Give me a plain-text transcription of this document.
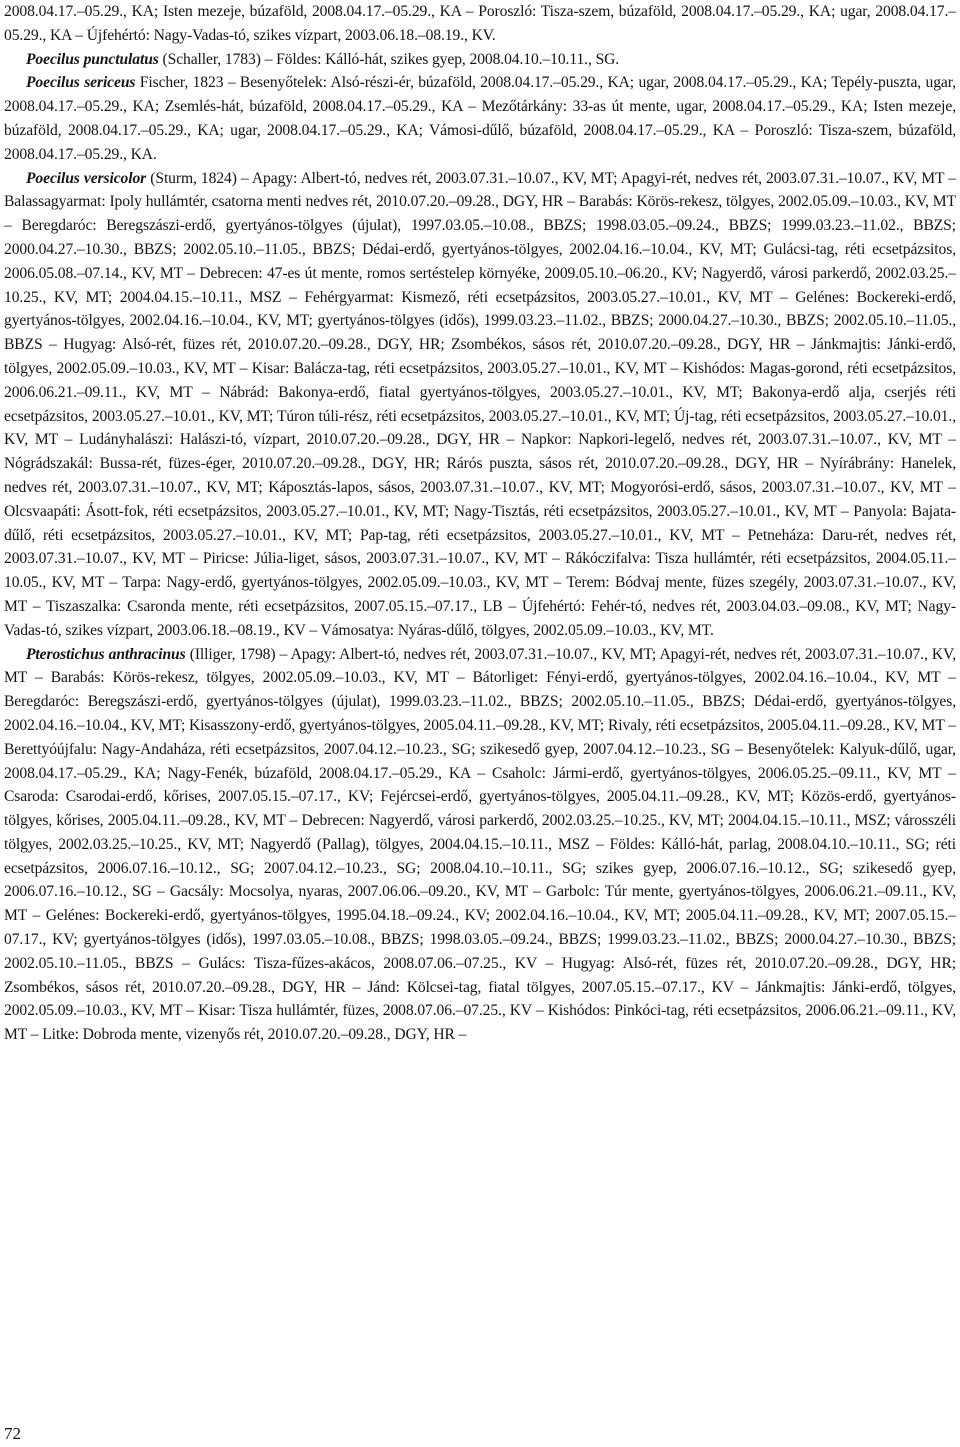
2008.04.17.–05.29., KA; Isten mezeje, búzaföld, 2008.04.17.–05.29., KA – Poroszló: Tisza-szem, búzaföld, 2008.04.17.–05.29., KA; ugar, 2008.04.17.–05.29., KA – Újfehértó: Nagy-Vadas-tó, szikes vízpart, 2003.06.18.–08.19., KV.

Poecilus punctulatus (Schaller, 1783) – Földes: Kálló-hát, szikes gyep, 2008.04.10.–10.11., SG.

Poecilus sericeus Fischer, 1823 – Besenyőtelek: Alsó-részi-ér, búzaföld, 2008.04.17.–05.29., KA; ugar, 2008.04.17.–05.29., KA; Tepély-puszta, ugar, 2008.04.17.–05.29., KA; Zsemlés-hát, búzaföld, 2008.04.17.–05.29., KA – Mezőtárkány: 33-as út mente, ugar, 2008.04.17.–05.29., KA; Isten mezeje, búzaföld, 2008.04.17.–05.29., KA; ugar, 2008.04.17.–05.29., KA; Vámosi-dűlő, búzaföld, 2008.04.17.–05.29., KA – Poroszló: Tisza-szem, búzaföld, 2008.04.17.–05.29., KA.

Poecilus versicolor (Sturm, 1824) – Apagy: Albert-tó, nedves rét, 2003.07.31.–10.07., KV, MT; Apagyi-rét, nedves rét, 2003.07.31.–10.07., KV, MT – Balassagyarmat: Ipoly hullámtér, csatorna menti nedves rét, 2010.07.20.–09.28., DGY, HR – Barabás: Körös-rekesz, tölgyes, 2002.05.09.–10.03., KV, MT – Beregdaróc: Beregszászi-erdő, gyertyános-tölgyes (újulat), 1997.03.05.–10.08., BBZS; 1998.03.05.–09.24., BBZS; 1999.03.23.–11.02., BBZS; 2000.04.27.–10.30., BBZS; 2002.05.10.–11.05., BBZS; Dédai-erdő, gyertyános-tölgyes, 2002.04.16.–10.04., KV, MT; Gulácsi-tag, réti ecsetpázsitos, 2006.05.08.–07.14., KV, MT – Debrecen: 47-es út mente, romos sertéstelep környéke, 2009.05.10.–06.20., KV; Nagyerdő, városi parkerdő, 2002.03.25.–10.25., KV, MT; 2004.04.15.–10.11., MSZ – Fehérgyarmat: Kismező, réti ecsetpázsitos, 2003.05.27.–10.01., KV, MT – Gelénes: Bockereki-erdő, gyertyános-tölgyes, 2002.04.16.–10.04., KV, MT; gyertyános-tölgyes (idős), 1999.03.23.–11.02., BBZS; 2000.04.27.–10.30., BBZS; 2002.05.10.–11.05., BBZS – Hugyag: Alsó-rét, füzes rét, 2010.07.20.–09.28., DGY, HR; Zsombékos, sásos rét, 2010.07.20.–09.28., DGY, HR – Jánkmajtis: Jánki-erdő, tölgyes, 2002.05.09.–10.03., KV, MT – Kisar: Balácza-tag, réti ecsetpázsitos, 2003.05.27.–10.01., KV, MT – Kishódos: Magas-gorond, réti ecsetpázsitos, 2006.06.21.–09.11., KV, MT – Nábrád: Bakonya-erdő, fiatal gyertyános-tölgyes, 2003.05.27.–10.01., KV, MT; Bakonya-erdő alja, cserjés réti ecsetpázsitos, 2003.05.27.–10.01., KV, MT; Túron túli-rész, réti ecsetpázsitos, 2003.05.27.–10.01., KV, MT; Új-tag, réti ecsetpázsitos, 2003.05.27.–10.01., KV, MT – Ludányhalászi: Halászi-tó, vízpart, 2010.07.20.–09.28., DGY, HR – Napkor: Napkori-legelő, nedves rét, 2003.07.31.–10.07., KV, MT – Nógrádszakál: Bussa-rét, füzes-éger, 2010.07.20.–09.28., DGY, HR; Rárós puszta, sásos rét, 2010.07.20.–09.28., DGY, HR – Nyírábrány: Hanelek, nedves rét, 2003.07.31.–10.07., KV, MT; Káposztás-lapos, sásos, 2003.07.31.–10.07., KV, MT; Mogyorósi-erdő, sásos, 2003.07.31.–10.07., KV, MT – Olcsvaapáti: Ásott-fok, réti ecsetpázsitos, 2003.05.27.–10.01., KV, MT; Nagy-Tisztás, réti ecsetpázsitos, 2003.05.27.–10.01., KV, MT – Panyola: Bajata-dűlő, réti ecsetpázsitos, 2003.05.27.–10.01., KV, MT; Pap-tag, réti ecsetpázsitos, 2003.05.27.–10.01., KV, MT – Petneháza: Daru-rét, nedves rét, 2003.07.31.–10.07., KV, MT – Piricse: Júlia-liget, sásos, 2003.07.31.–10.07., KV, MT – Rákóczifalva: Tisza hullámtér, réti ecsetpázsitos, 2004.05.11.–10.05., KV, MT – Tarpa: Nagy-erdő, gyertyános-tölgyes, 2002.05.09.–10.03., KV, MT – Terem: Bódvaj mente, füzes szegély, 2003.07.31.–10.07., KV, MT – Tiszaszalka: Csaronda mente, réti ecsetpázsitos, 2007.05.15.–07.17., LB – Újfehértó: Fehér-tó, nedves rét, 2003.04.03.–09.08., KV, MT; Nagy-Vadas-tó, szikes vízpart, 2003.06.18.–08.19., KV – Vámosatya: Nyáras-dűlő, tölgyes, 2002.05.09.–10.03., KV, MT.

Pterostichus anthracinus (Illiger, 1798) – Apagy: Albert-tó, nedves rét, 2003.07.31.–10.07., KV, MT; Apagyi-rét, nedves rét, 2003.07.31.–10.07., KV, MT – Barabás: Körös-rekesz, tölgyes, 2002.05.09.–10.03., KV, MT – Bátorliget: Fényi-erdő, gyertyános-tölgyes, 2002.04.16.–10.04., KV, MT – Beregdaróc: Beregszászi-erdő, gyertyános-tölgyes (újulat), 1999.03.23.–11.02., BBZS; 2002.05.10.–11.05., BBZS; Dédai-erdő, gyertyános-tölgyes, 2002.04.16.–10.04., KV, MT; Kisasszony-erdő, gyertyános-tölgyes, 2005.04.11.–09.28., KV, MT; Rivaly, réti ecsetpázsitos, 2005.04.11.–09.28., KV, MT – Berettyóújfalu: Nagy-Andaháza, réti ecsetpázsitos, 2007.04.12.–10.23., SG; szikesedő gyep, 2007.04.12.–10.23., SG – Besenyőtelek: Kalyuk-dűlő, ugar, 2008.04.17.–05.29., KA; Nagy-Fenék, búzaföld, 2008.04.17.–05.29., KA – Csaholc: Jármi-erdő, gyertyános-tölgyes, 2006.05.25.–09.11., KV, MT – Csaroda: Csarodai-erdő, kőrises, 2007.05.15.–07.17., KV; Fejércsei-erdő, gyertyános-tölgyes, 2005.04.11.–09.28., KV, MT; Közös-erdő, gyertyános-tölgyes, kőrises, 2005.04.11.–09.28., KV, MT – Debrecen: Nagyerdő, városi parkerdő, 2002.03.25.–10.25., KV, MT; 2004.04.15.–10.11., MSZ; városszéli tölgyes, 2002.03.25.–10.25., KV, MT; Nagyerdő (Pallag), tölgyes, 2004.04.15.–10.11., MSZ – Földes: Kálló-hát, parlag, 2008.04.10.–10.11., SG; réti ecsetpázsitos, 2006.07.16.–10.12., SG; 2007.04.12.–10.23., SG; 2008.04.10.–10.11., SG; szikes gyep, 2006.07.16.–10.12., SG; szikesedő gyep, 2006.07.16.–10.12., SG – Gacsály: Mocsolya, nyaras, 2007.06.06.–09.20., KV, MT – Garbolc: Túr mente, gyertyános-tölgyes, 2006.06.21.–09.11., KV, MT – Gelénes: Bockereki-erdő, gyertyános-tölgyes, 1995.04.18.–09.24., KV; 2002.04.16.–10.04., KV, MT; 2005.04.11.–09.28., KV, MT; 2007.05.15.–07.17., KV; gyertyános-tölgyes (idős), 1997.03.05.–10.08., BBZS; 1998.03.05.–09.24., BBZS; 1999.03.23.–11.02., BBZS; 2000.04.27.–10.30., BBZS; 2002.05.10.–11.05., BBZS – Gulács: Tisza-fűzes-akácos, 2008.07.06.–07.25., KV – Hugyag: Alsó-rét, füzes rét, 2010.07.20.–09.28., DGY, HR; Zsombékos, sásos rét, 2010.07.20.–09.28., DGY, HR – Jánd: Kölcsei-tag, fiatal tölgyes, 2007.05.15.–07.17., KV – Jánkmajtis: Jánki-erdő, tölgyes, 2002.05.09.–10.03., KV, MT – Kisar: Tisza hullámtér, füzes, 2008.07.06.–07.25., KV – Kishódos: Pinkóci-tag, réti ecsetpázsitos, 2006.06.21.–09.11., KV, MT – Litke: Dobroda mente, vizenyős rét, 2010.07.20.–09.28., DGY, HR –

72
